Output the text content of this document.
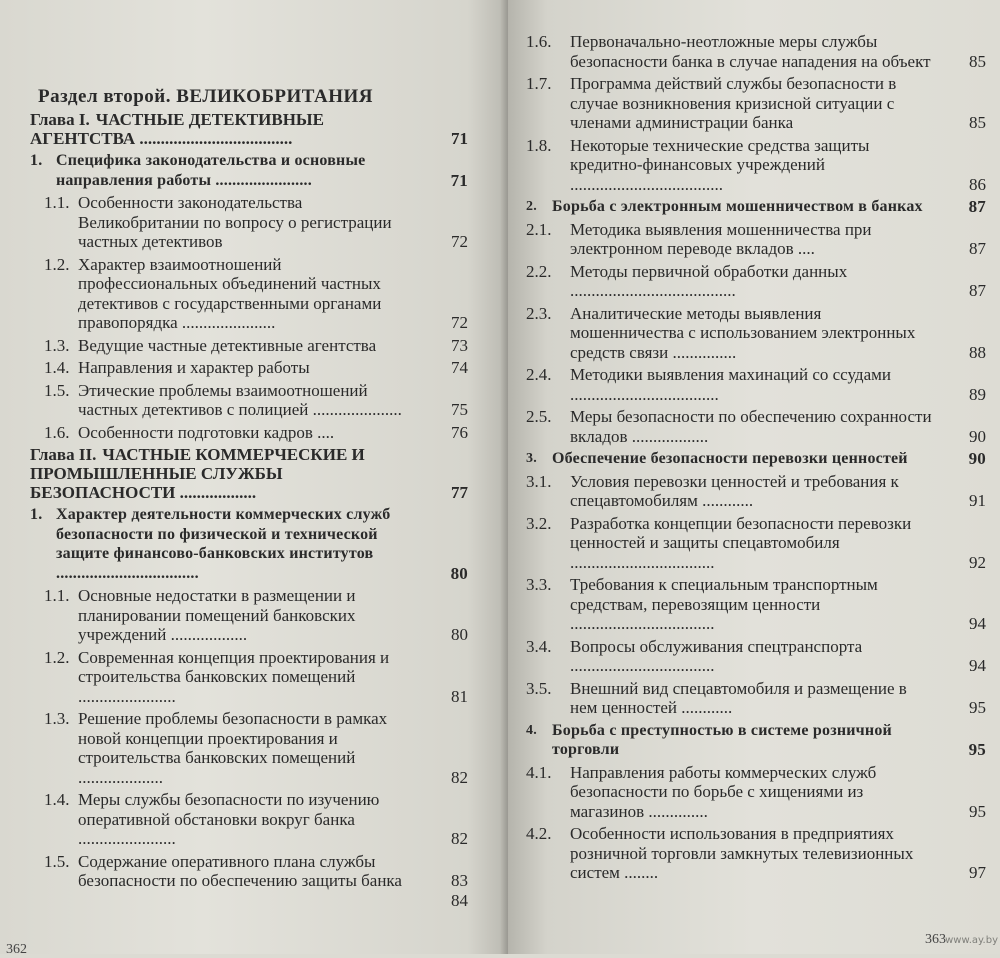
Раздел второй. ВЕЛИКОБРИТАНИЯ
Глава I. ЧАСТНЫЕ ДЕТЕКТИВНЫЕ АГЕНТСТВА ....................................	71
1. Специфика законодательства и основные направления работы .......................	71
1.1. Особенности законодательства Великобритании по вопросу о регистрации частных детективов	72
1.2. Характер взаимоотношений профессиональных объединений частных детективов с государственными органами правопорядка ......................	72
1.3. Ведущие частные детективные агентства	73
1.4. Направления и характер работы	74
1.5. Этические проблемы взаимоотношений частных детективов с полицией .....................	75
1.6. Особенности подготовки кадров ....	76
Глава II. ЧАСТНЫЕ КОММЕРЧЕСКИЕ И ПРОМЫШЛЕННЫЕ СЛУЖБЫ БЕЗОПАСНОСТИ ..................	77
1. Характер деятельности коммерческих служб безопасности по физической и технической защите финансово-банковских институтов ..................................	80
1.1. Основные недостатки в размещении и планировании помещений банковских учреждений ..................	80
1.2. Современная концепция проектирования и строительства банковских помещений .......................	81
1.3. Решение проблемы безопасности в рамках новой концепции проектирования и строительства банковских помещений ....................	82
1.4. Меры службы безопасности по изучению оперативной обстановки вокруг банка .......................	82
1.5. Содержание оперативного плана службы безопасности по обеспечению защиты банка	83
84
362
1.6. Первоначально-неотложные меры службы безопасности банка в случае нападения на объект	85
1.7. Программа действий службы безопасности в случае возникновения кризисной ситуации с членами администрации банка	85
1.8. Некоторые технические средства защиты кредитно-финансовых учреждений ....................................	86
2. Борьба с электронным мошенничеством в банках	87
2.1. Методика выявления мошенничества при электронном переводе вкладов ....	87
2.2. Методы первичной обработки данных .......................................	87
2.3. Аналитические методы выявления мошенничества с использованием электронных средств связи ...............	88
2.4. Методики выявления махинаций со ссудами ...................................	89
2.5. Меры безопасности по обеспечению сохранности вкладов ..................	90
3. Обеспечение безопасности перевозки ценностей	90
3.1. Условия перевозки ценностей и требования к спецавтомобилям ............	91
3.2. Разработка концепции безопасности перевозки ценностей и защиты спецавтомобиля ..................................	92
3.3. Требования к специальным транспортным средствам, перевозящим ценности ..................................	94
3.4. Вопросы обслуживания спецтранспорта ..................................	94
3.5. Внешний вид спецавтомобиля и размещение в нем ценностей ............	95
4. Борьба с преступностью в системе розничной торговли	95
4.1. Направления работы коммерческих служб безопасности по борьбе с хищениями из магазинов ..............	95
4.2. Особенности использования в предприятиях розничной торговли замкнутых телевизионных систем ........	97
363 www.ay.by
